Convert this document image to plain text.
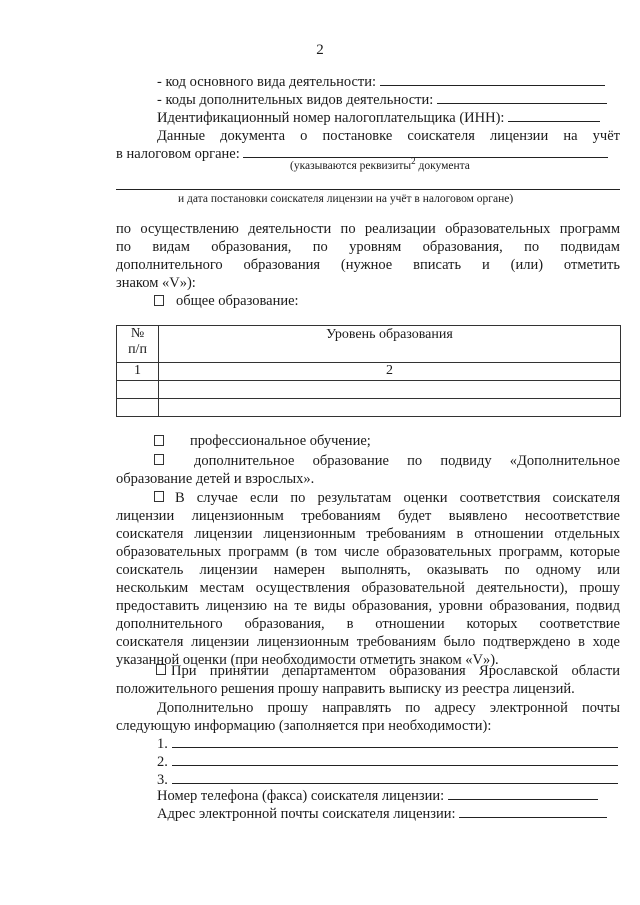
2
- код основного вида деятельности:
- коды дополнительных видов деятельности:
Идентификационный номер налогоплательщика (ИНН):
Данные документа о постановке соискателя лицензии на учёт
в налоговом органе:
(указываются реквизиты$^2$ документа
и дата постановки соискателя лицензии на учёт в налоговом органе)
по осуществлению деятельности по реализации образовательных программ
по видам образования, по уровням образования, по подвидам
дополнительного образования (нужное вписать и (или) отметить
знаком «V»):
общее образование:
№
п/п	Уровень образования
1	2

профессиональное обучение;
дополнительное образование по подвиду «Дополнительное
образование детей и взрослых».
В случае если по результатам оценки соответствия соискателя
лицензии лицензионным требованиям будет выявлено несоответствие
соискателя лицензии лицензионным требованиям в отношении отдельных
образовательных программ (в том числе образовательных программ, которые
соискатель лицензии намерен выполнять, оказывать по одному или
нескольким местам осуществления образовательной деятельности), прошу
предоставить лицензию на те виды образования, уровни образования, подвид
дополнительного образования, в отношении которых соответствие
соискателя лицензии лицензионным требованиям было подтверждено в ходе
указанной оценки (при необходимости отметить знаком «V»).
При принятии департаментом образования Ярославской области
положительного решения прошу направить выписку из реестра лицензий.
Дополнительно прошу направлять по адресу электронной почты
следующую информацию (заполняется при необходимости):
1.
2.
3.
Номер телефона (факса) соискателя лицензии:
Адрес электронной почты соискателя лицензии:
